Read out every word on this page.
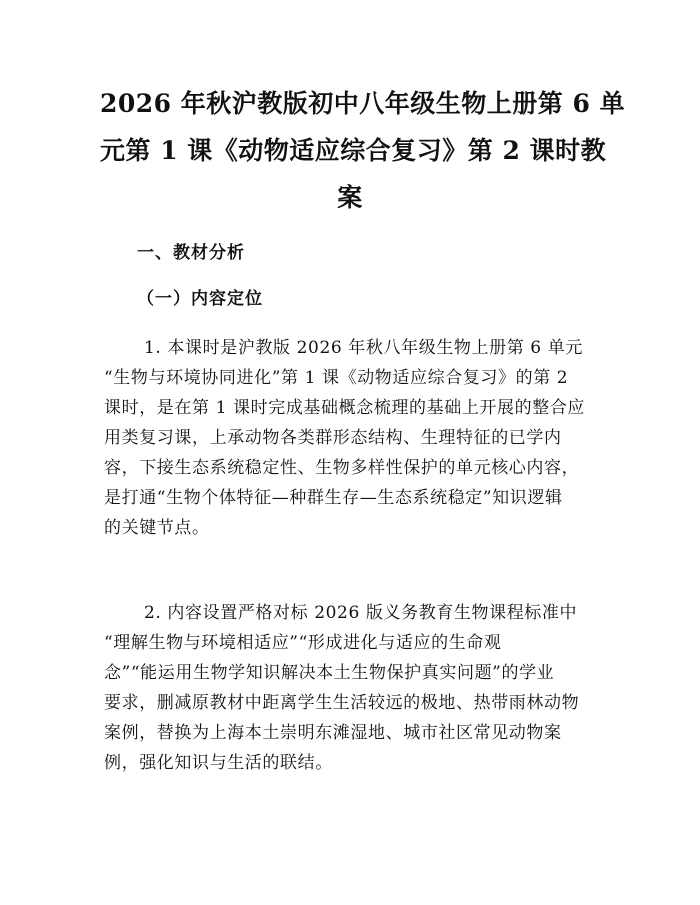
2026 年秋沪教版初中八年级生物上册第 6 单
元第 1 课《动物适应综合复习》第 2 课时教
案
一、教材分析
（一）内容定位

1. 本课时是沪教版 2026 年秋八年级生物上册第 6 单元
“生物与环境协同进化”第 1 课《动物适应综合复习》的第 2
课时，是在第 1 课时完成基础概念梳理的基础上开展的整合应
用类复习课，上承动物各类群形态结构、生理特征的已学内
容，下接生态系统稳定性、生物多样性保护的单元核心内容，
是打通“生物个体特征—种群生存—生态系统稳定”知识逻辑
的关键节点。

2. 内容设置严格对标 2026 版义务教育生物课程标准中
“理解生物与环境相适应”“形成进化与适应的生命观
念”“能运用生物学知识解决本土生物保护真实问题”的学业
要求，删减原教材中距离学生生活较远的极地、热带雨林动物
案例，替换为上海本土崇明东滩湿地、城市社区常见动物案
例，强化知识与生活的联结。
